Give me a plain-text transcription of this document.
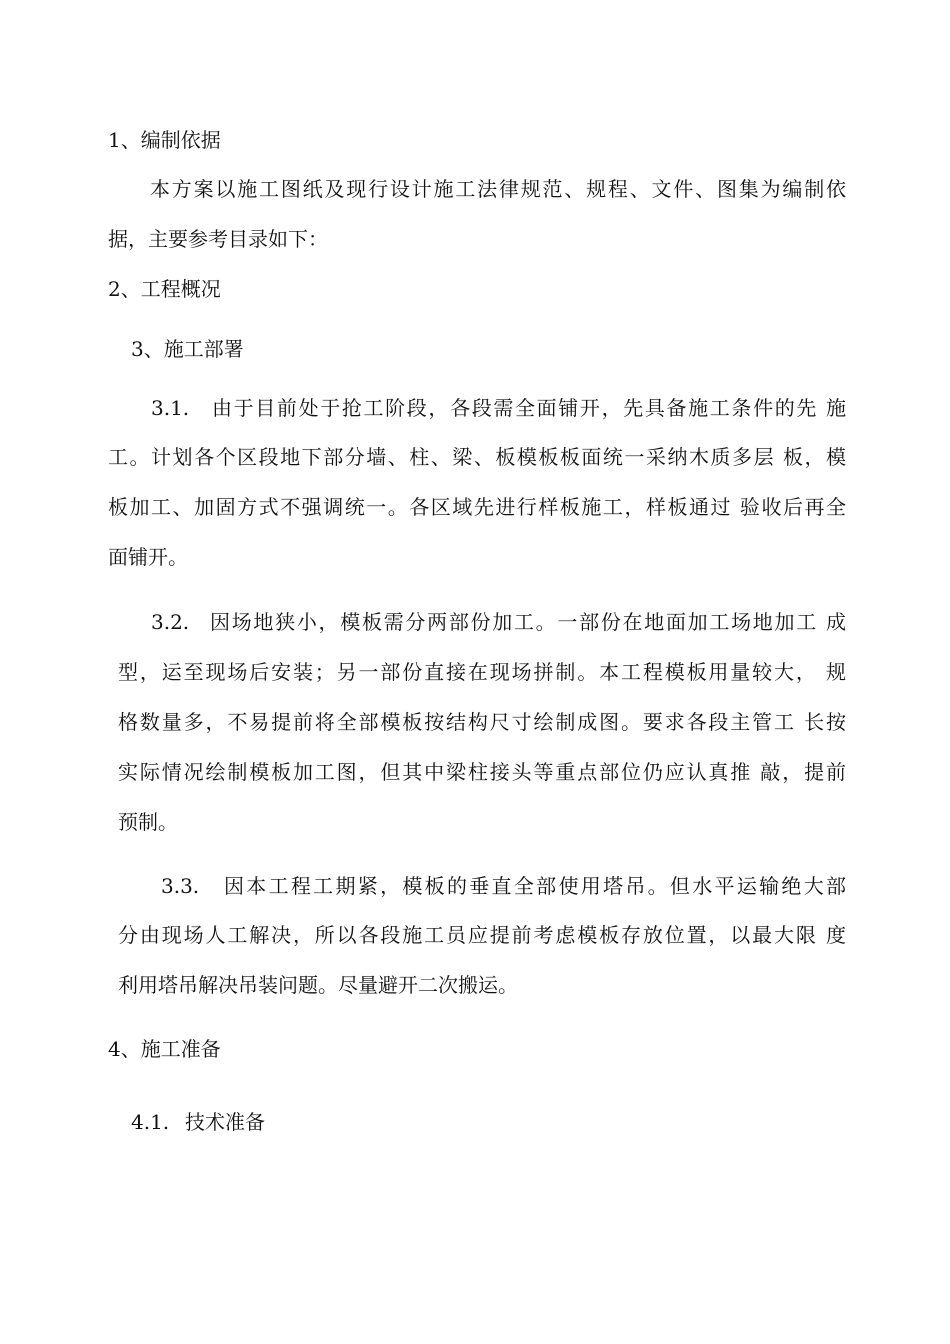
1、编制依据
本方案以施工图纸及现行设计施工法律规范、规程、文件、图集为编制依
据，主要参考目录如下：
2、工程概况
3、施工部署
3.1. 由于目前处于抢工阶段，各段需全面铺开，先具备施工条件的先 施
工。计划各个区段地下部分墙、柱、梁、板模板板面统一采纳木质多层 板，模
板加工、加固方式不强调统一。各区域先进行样板施工，样板通过 验收后再全
面铺开。
3.2. 因场地狭小，模板需分两部份加工。一部份在地面加工场地加工 成
型，运至现场后安装；另一部份直接在现场拼制。本工程模板用量较大， 规
格数量多，不易提前将全部模板按结构尺寸绘制成图。要求各段主管工 长按
实际情况绘制模板加工图，但其中梁柱接头等重点部位仍应认真推 敲，提前
预制。
3.3. 因本工程工期紧，模板的垂直全部使用塔吊。但水平运输绝大部
分由现场人工解决，所以各段施工员应提前考虑模板存放位置，以最大限 度
利用塔吊解决吊装问题。尽量避开二次搬运。
4、施工准备
4.1. 技术准备
